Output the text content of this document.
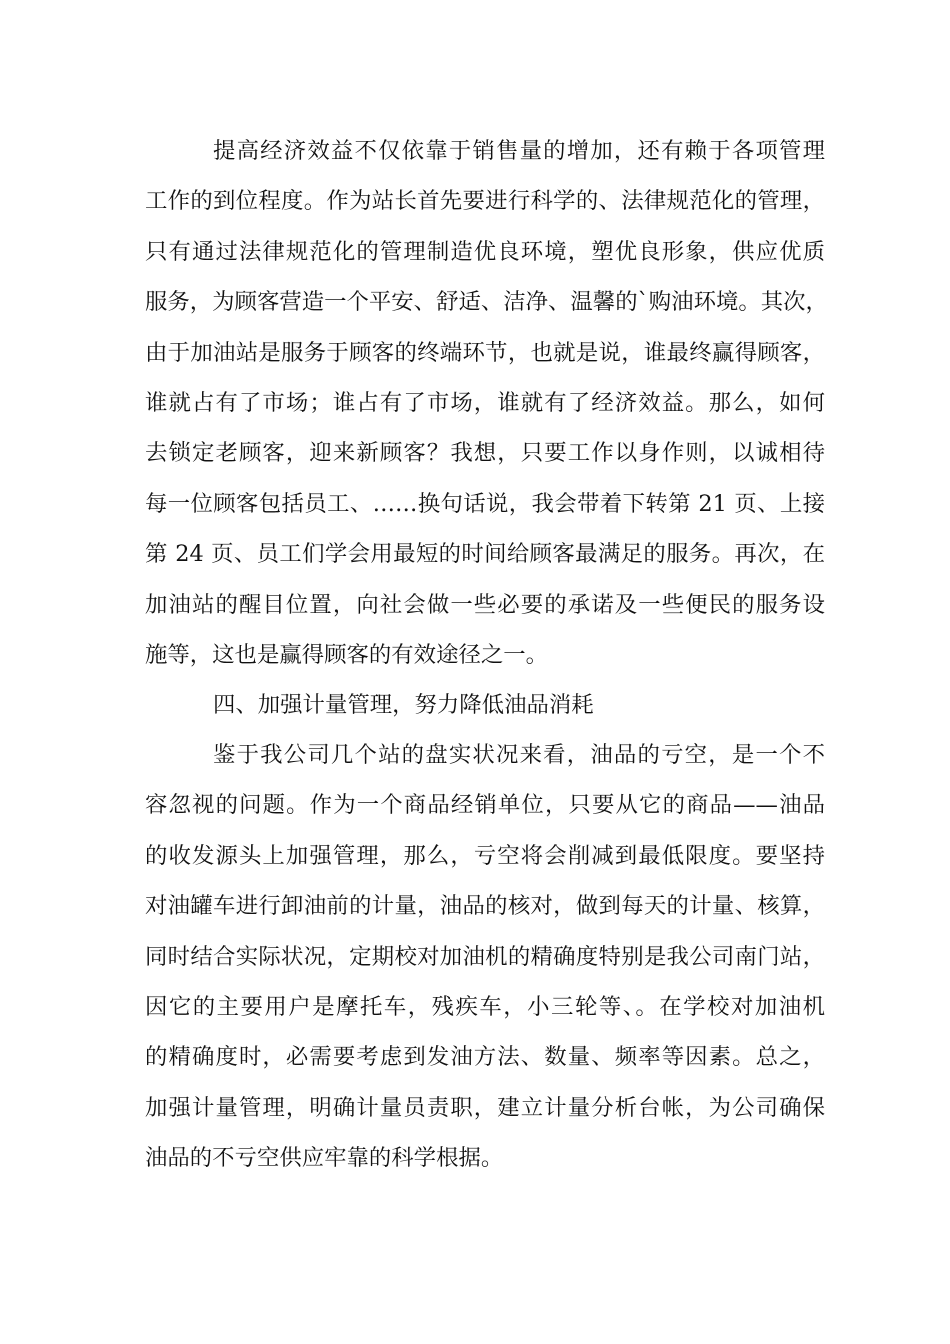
提高经济效益不仅依靠于销售量的增加，还有赖于各项管理
工作的到位程度。作为站长首先要进行科学的、法律规范化的管理，
只有通过法律规范化的管理制造优良环境，塑优良形象，供应优质
服务，为顾客营造一个平安、舒适、洁净、温馨的`购油环境。其次，
由于加油站是服务于顾客的终端环节，也就是说，谁最终赢得顾客，
谁就占有了市场；谁占有了市场，谁就有了经济效益。那么，如何
去锁定老顾客，迎来新顾客？我想，只要工作以身作则，以诚相待
每一位顾客包括员工、……换句话说，我会带着下转第 21 页、上接
第 24 页、员工们学会用最短的时间给顾客最满足的服务。再次，在
加油站的醒目位置，向社会做一些必要的承诺及一些便民的服务设
施等，这也是赢得顾客的有效途径之一。
四、加强计量管理，努力降低油品消耗
鉴于我公司几个站的盘实状况来看，油品的亏空，是一个不
容忽视的问题。作为一个商品经销单位，只要从它的商品——油品
的收发源头上加强管理，那么，亏空将会削减到最低限度。要坚持
对油罐车进行卸油前的计量，油品的核对，做到每天的计量、核算，
同时结合实际状况，定期校对加油机的精确度特别是我公司南门站，
因它的主要用户是摩托车，残疾车，小三轮等、。在学校对加油机
的精确度时，必需要考虑到发油方法、数量、频率等因素。总之，
加强计量管理，明确计量员责职，建立计量分析台帐，为公司确保
油品的不亏空供应牢靠的科学根据。
